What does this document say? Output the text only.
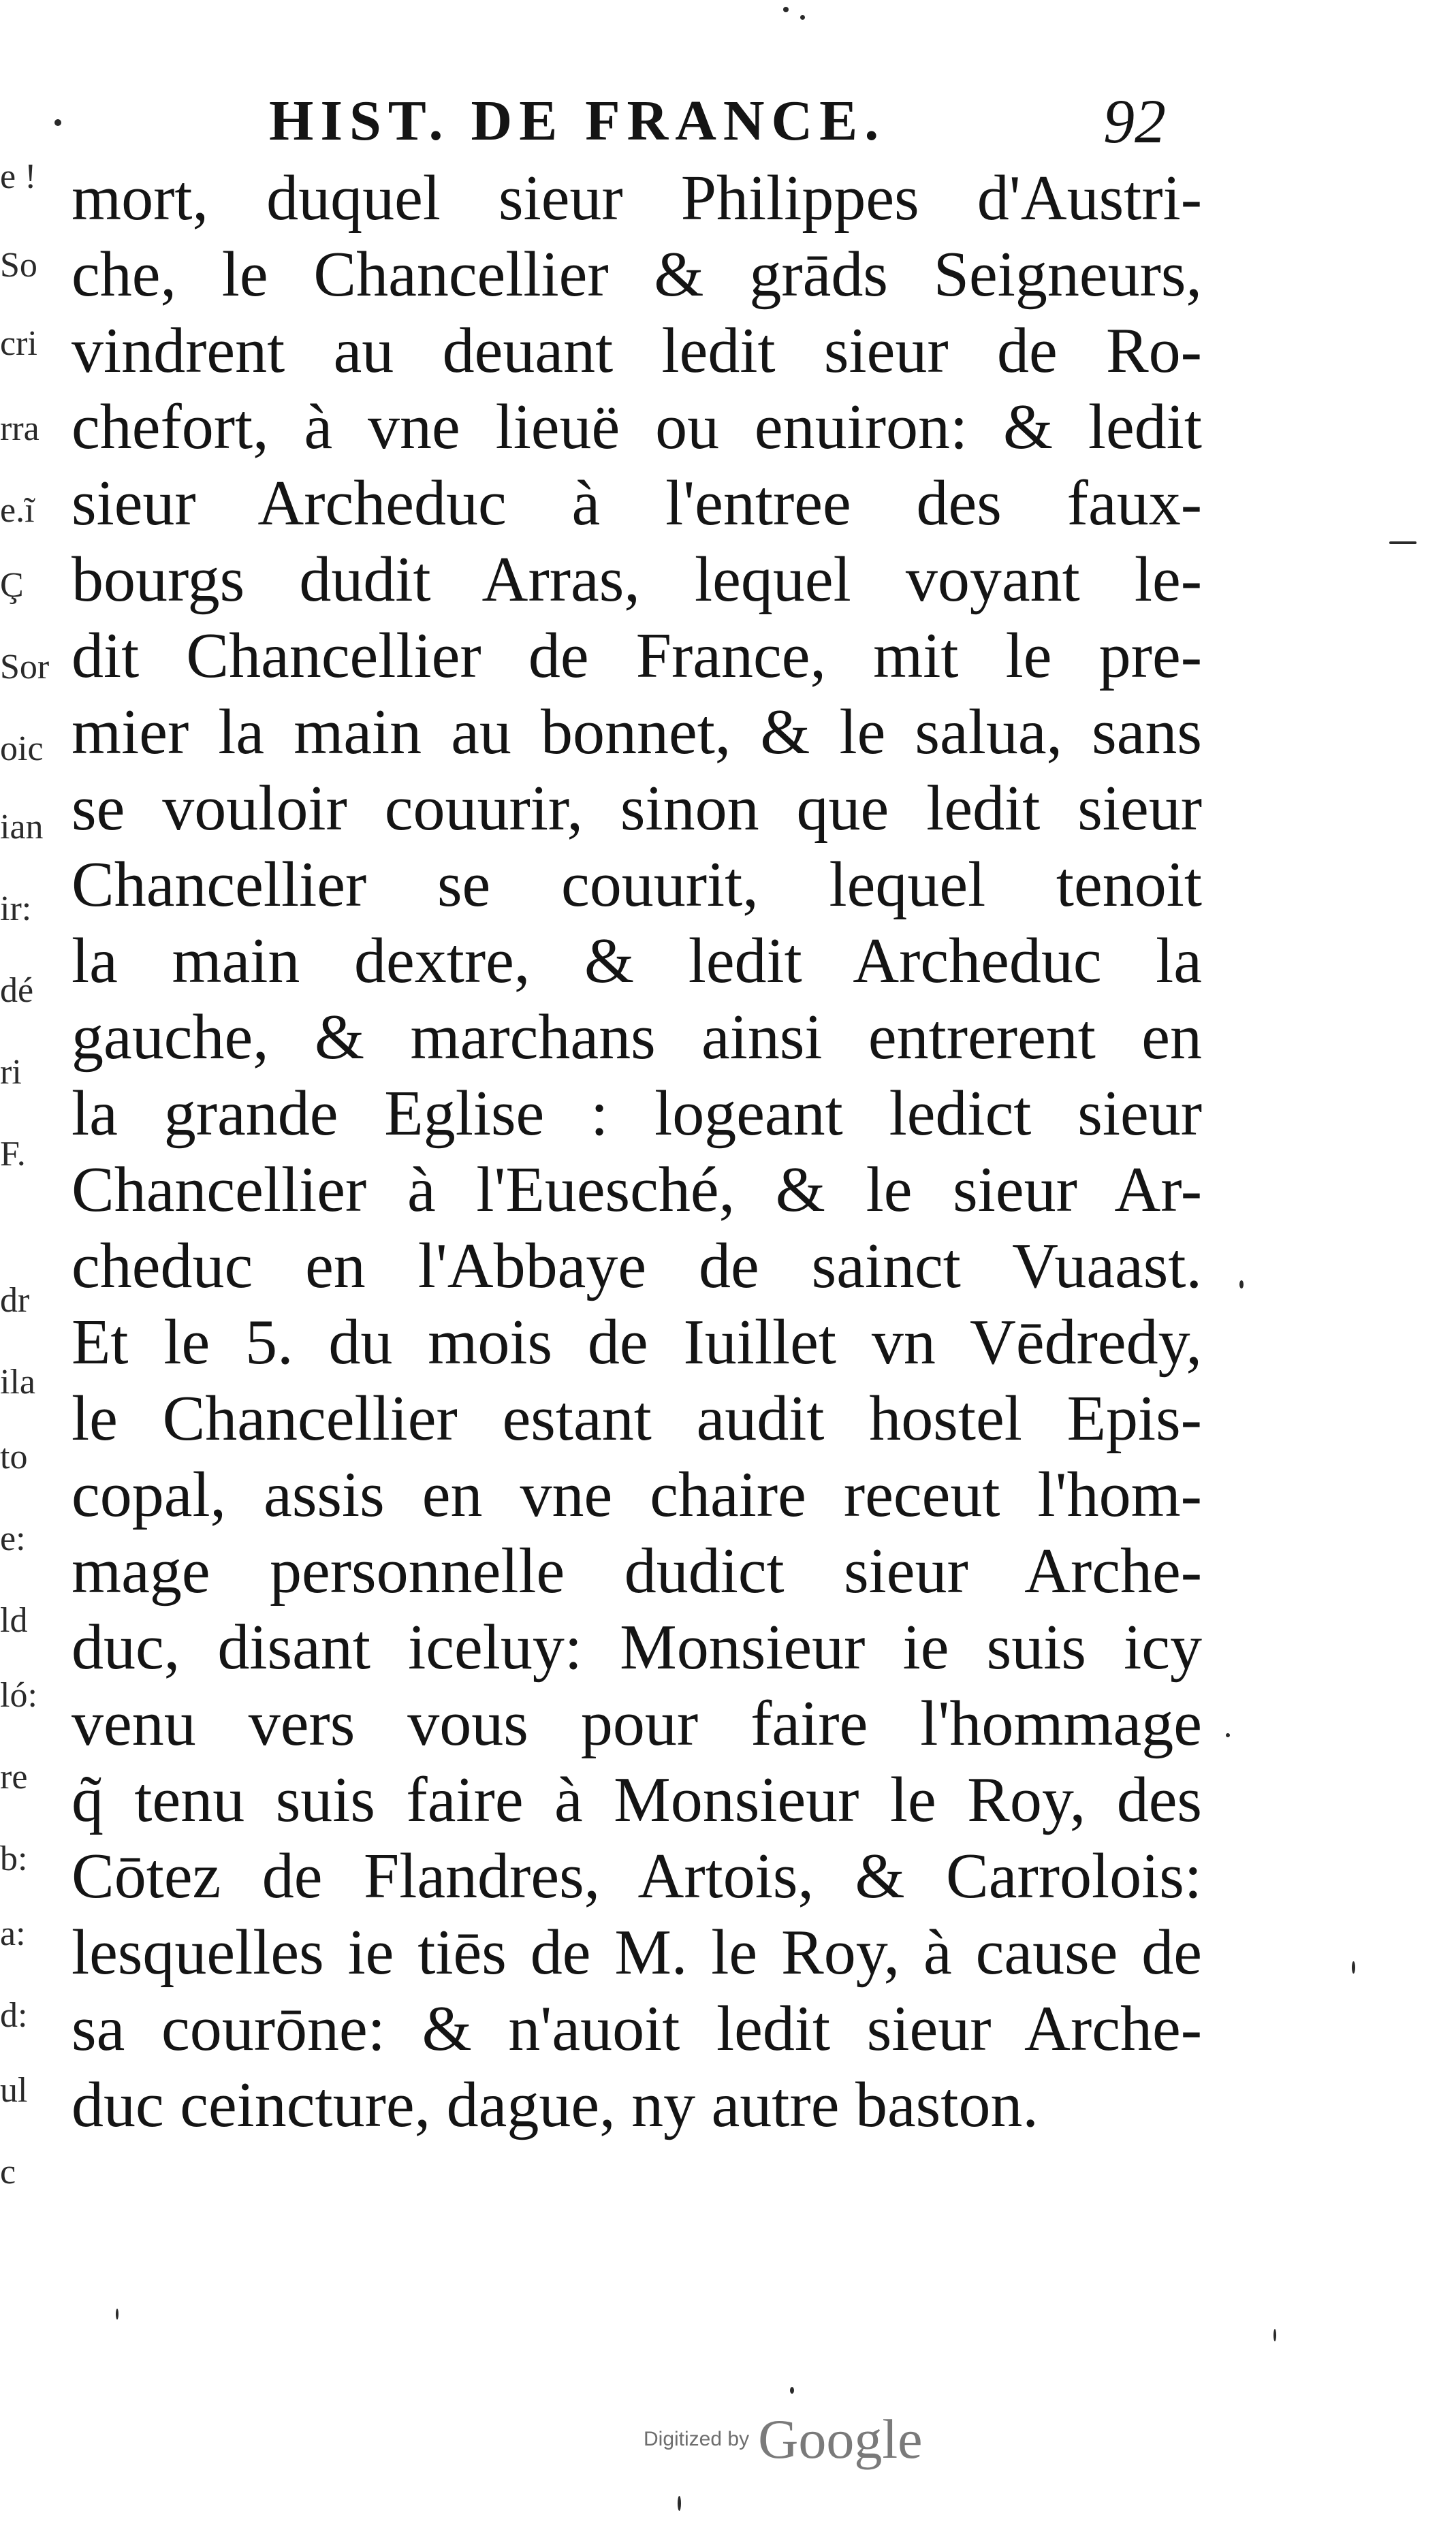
e !
So
cri
rra
e.ĩ
Ç
Sor
oic
ian
ir:
dé
ri
F.
dr
ila
to
e:
ld
ló:
re
b:
a:
d:
ul
c
HIST. DE FRANCE.	92
mort, duquel sieur Philippes d'Austri-
che, le Chancellier & grāds Seigneurs,
vindrent au deuant ledit sieur de Ro-
chefort, à vne lieuë ou enuiron: & ledit
sieur Archeduc à l'entree des faux-
bourgs dudit Arras, lequel voyant le-
dit Chancellier de France, mit le pre-
mier la main au bonnet, & le salua, sans
se vouloir couurir, sinon que ledit sieur
Chancellier se couurit, lequel tenoit
la main dextre, & ledit Archeduc la
gauche, & marchans ainsi entrerent en
la grande Eglise : logeant ledict sieur
Chancellier à l'Euesché, & le sieur Ar-
cheduc en l'Abbaye de sainct Vuaast.
Et le 5. du mois de Iuillet vn Vēdredy,
le Chancellier estant audit hostel Epis-
copal, assis en vne chaire receut l'hom-
mage personnelle dudict sieur Arche-
duc, disant iceluy: Monsieur ie suis icy
venu vers vous pour faire l'hommage
q̃ tenu suis faire à Monsieur le Roy, des
Cōtez de Flandres, Artois, & Carrolois:
lesquelles ie tiēs de M. le Roy, à cause de
sa courōne: & n'auoit ledit sieur Arche-
duc ceincture, dague, ny autre baston.
Digitized by Google
